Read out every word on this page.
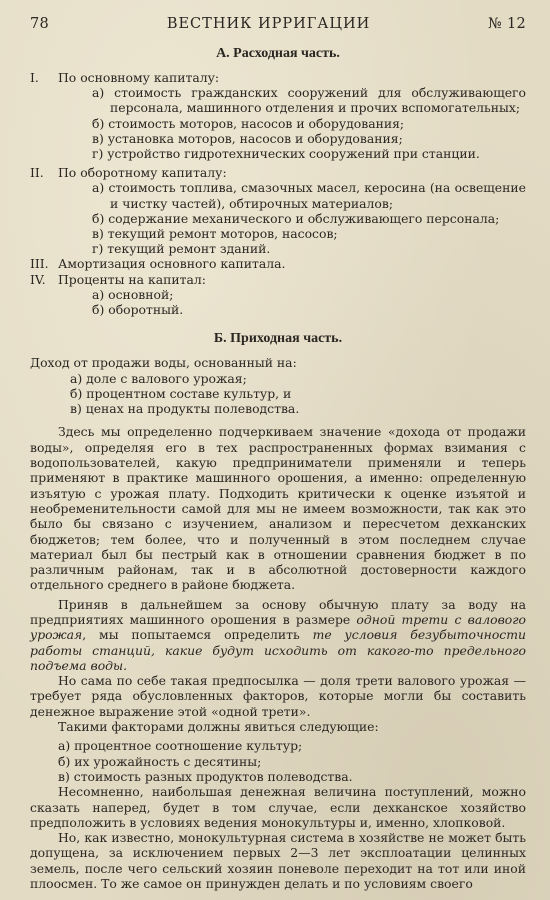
78	ВЕСТНИК ИРРИГАЦИИ	№ 12
А. Расходная часть.
I. По основному капиталу:
а) стоимость гражданских сооружений для обслуживающего персонала, машинного отделения и прочих вспомогательных;
б) стоимость моторов, насосов и оборудования;
в) установка моторов, насосов и оборудования;
г) устройство гидротехнических сооружений при станции.
II. По оборотному капиталу:
а) стоимость топлива, смазочных масел, керосина (на освещение и чистку частей), обтирочных материалов;
б) содержание механического и обслуживающего персонала;
в) текущий ремонт моторов, насосов;
г) текущий ремонт зданий.
III. Амортизация основного капитала.
IV. Проценты на капитал:
а) основной;
б) оборотный.
Б. Приходная часть.
Доход от продажи воды, основанный на:
а) доле с валового урожая;
б) процентном составе культур, и
в) ценах на продукты полеводства.

Здесь мы определенно подчеркиваем значение «дохода от продажи воды», определяя его в тех распространенных формах взимания с водопользователей, какую предприниматели применяли и теперь применяют в практике машинного орошения, а именно: определенную изъятую с урожая плату. Подходить критически к оценке изъятой и необременительности самой для мы не имеем возможности, так как это было бы связано с изучением, анализом и пересчетом дехканских бюджетов; тем более, что и полученный в этом последнем случае материал был бы пестрый как в отношении сравнения бюджет в по различным районам, так и в абсолютной достоверности каждого отдельного среднего в районе бюджета.

Приняв в дальнейшем за основу обычную плату за воду на предприятиях машинного орошения в размере одной трети с валового урожая, мы попытаемся определить те условия безубыточности работы станций, какие будут исходить от какого-то предельного подъема воды.

Но сама по себе такая предпосылка — доля трети валового урожая — требует ряда обусловленных факторов, которые могли бы составить денежное выражение этой «одной трети».

Такими факторами должны явиться следующие:

а) процентное соотношение культур;
б) их урожайность с десятины;
в) стоимость разных продуктов полеводства.

Несомненно, наибольшая денежная величина поступлений, можно сказать наперед, будет в том случае, если дехканское хозяйство предположить в условиях ведения монокультуры и, именно, хлопковой.

Но, как известно, монокультурная система в хозяйстве не может быть допущена, за исключением первых 2—3 лет эксплоатации целинных земель, после чего сельский хозяин поневоле переходит на тот или иной плоосмен. То же самое он принужден делать и по условиям своего
